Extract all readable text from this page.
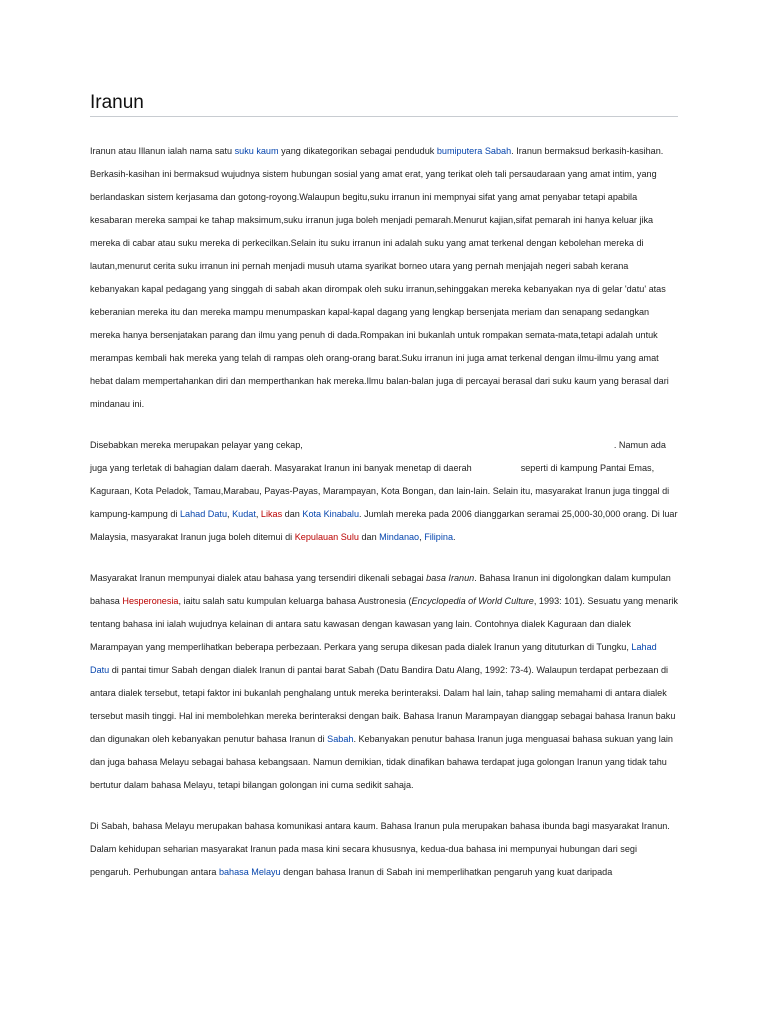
Iranun

Iranun atau Illanun ialah nama satu suku kaum yang dikategorikan sebagai penduduk bumiputera Sabah. Iranun bermaksud berkasih-kasihan. Berkasih-kasihan ini bermaksud wujudnya sistem hubungan sosial yang amat erat, yang terikat oleh tali persaudaraan yang amat intim, yang berlandaskan sistem kerjasama dan gotong-royong.Walaupun begitu,suku irranun ini mempnyai sifat yang amat penyabar tetapi apabila kesabaran mereka sampai ke tahap maksimum,suku irranun juga boleh menjadi pemarah.Menurut kajian,sifat pemarah ini hanya keluar jika mereka di cabar atau suku mereka di perkecilkan.Selain itu suku irranun ini adalah suku yang amat terkenal dengan kebolehan mereka di lautan,menurut cerita suku irranun ini pernah menjadi musuh utama syarikat borneo utara yang pernah menjajah negeri sabah kerana kebanyakan kapal pedagang yang singgah di sabah akan dirompak oleh suku irranun,sehinggakan mereka kebanyakan nya di gelar 'datu' atas keberanian mereka itu dan mereka mampu menumpaskan kapal-kapal dagang yang lengkap bersenjata meriam dan senapang sedangkan mereka hanya bersenjatakan parang dan ilmu yang penuh di dada.Rompakan ini bukanlah untuk rompakan semata-mata,tetapi adalah untuk merampas kembali hak mereka yang telah di rampas oleh orang-orang barat.Suku irranun ini juga amat terkenal dengan ilmu-ilmu yang amat hebat dalam mempertahankan diri dan memperthankan hak mereka.Ilmu balan-balan juga di percayai berasal dari suku kaum yang berasal dari mindanau ini.

Disebabkan mereka merupakan pelayar yang cekap,	. Namun ada juga yang terletak di bahagian dalam daerah. Masyarakat Iranun ini banyak menetap di daerah	seperti di kampung Pantai Emas, Kaguraan, Kota Peladok, Tamau,Marabau, Payas-Payas, Marampayan, Kota Bongan, dan lain-lain. Selain itu, masyarakat Iranun juga tinggal di kampung-kampung di Lahad Datu, Kudat, Likas dan Kota Kinabalu. Jumlah mereka pada 2006 dianggarkan seramai 25,000-30,000 orang. Di luar Malaysia, masyarakat Iranun juga boleh ditemui di Kepulauan Sulu dan Mindanao, Filipina.

Masyarakat Iranun mempunyai dialek atau bahasa yang tersendiri dikenali sebagai basa Iranun. Bahasa Iranun ini digolongkan dalam kumpulan bahasa Hesperonesia, iaitu salah satu kumpulan keluarga bahasa Austronesia (Encyclopedia of World Culture, 1993: 101). Sesuatu yang menarik tentang bahasa ini ialah wujudnya kelainan di antara satu kawasan dengan kawasan yang lain. Contohnya dialek Kaguraan dan dialek Marampayan yang memperlihatkan beberapa perbezaan. Perkara yang serupa dikesan pada dialek Iranun yang dituturkan di Tungku, Lahad Datu di pantai timur Sabah dengan dialek Iranun di pantai barat Sabah (Datu Bandira Datu Alang, 1992: 73-4). Walaupun terdapat perbezaan di antara dialek tersebut, tetapi faktor ini bukanlah penghalang untuk mereka berinteraksi. Dalam hal lain, tahap saling memahami di antara dialek tersebut masih tinggi. Hal ini membolehkan mereka berinteraksi dengan baik. Bahasa Iranun Marampayan dianggap sebagai bahasa Iranun baku dan digunakan oleh kebanyakan penutur bahasa Iranun di Sabah. Kebanyakan penutur bahasa Iranun juga menguasai bahasa sukuan yang lain dan juga bahasa Melayu sebagai bahasa kebangsaan. Namun demikian, tidak dinafikan bahawa terdapat juga golongan Iranun yang tidak tahu bertutur dalam bahasa Melayu, tetapi bilangan golongan ini cuma sedikit sahaja.

Di Sabah, bahasa Melayu merupakan bahasa komunikasi antara kaum. Bahasa Iranun pula merupakan bahasa ibunda bagi masyarakat Iranun. Dalam kehidupan seharian masyarakat Iranun pada masa kini secara khususnya, kedua-dua bahasa ini mempunyai hubungan dari segi pengaruh. Perhubungan antara bahasa Melayu dengan bahasa Iranun di Sabah ini memperlihatkan pengaruh yang kuat daripada
